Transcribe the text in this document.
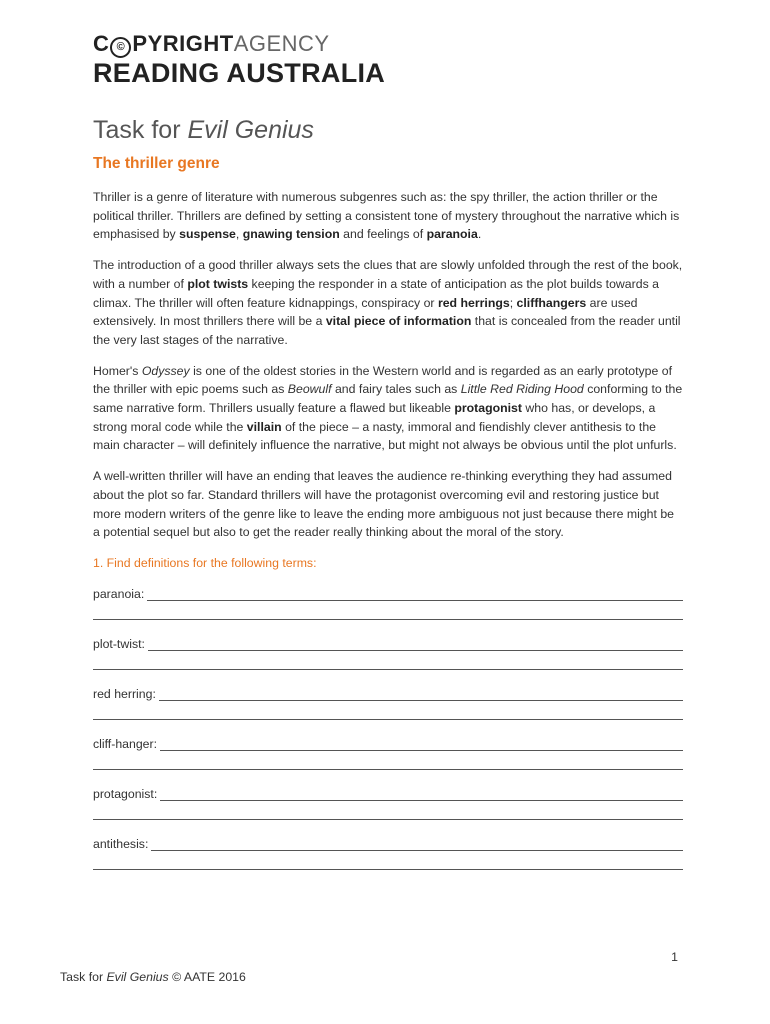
C © PYRIGHTAGENCY
READING AUSTRALIA
Task for Evil Genius
The thriller genre

Thriller is a genre of literature with numerous subgenres such as: the spy thriller, the action thriller or the political thriller. Thrillers are defined by setting a consistent tone of mystery throughout the narrative which is emphasised by suspense, gnawing tension and feelings of paranoia.

The introduction of a good thriller always sets the clues that are slowly unfolded through the rest of the book, with a number of plot twists keeping the responder in a state of anticipation as the plot builds towards a climax. The thriller will often feature kidnappings, conspiracy or red herrings; cliffhangers are used extensively. In most thrillers there will be a vital piece of information that is concealed from the reader until the very last stages of the narrative.

Homer's Odyssey is one of the oldest stories in the Western world and is regarded as an early prototype of the thriller with epic poems such as Beowulf and fairy tales such as Little Red Riding Hood conforming to the same narrative form. Thrillers usually feature a flawed but likeable protagonist who has, or develops, a strong moral code while the villain of the piece – a nasty, immoral and fiendishly clever antithesis to the main character – will definitely influence the narrative, but might not always be obvious until the plot unfurls.

A well-written thriller will have an ending that leaves the audience re-thinking everything they had assumed about the plot so far. Standard thrillers will have the protagonist overcoming evil and restoring justice but more modern writers of the genre like to leave the ending more ambiguous not just because there might be a potential sequel but also to get the reader really thinking about the moral of the story.

1. Find definitions for the following terms:

paranoia:
plot-twist:
red herring:
cliff-hanger:
protagonist:
antithesis:
1
Task for Evil Genius © AATE 2016
